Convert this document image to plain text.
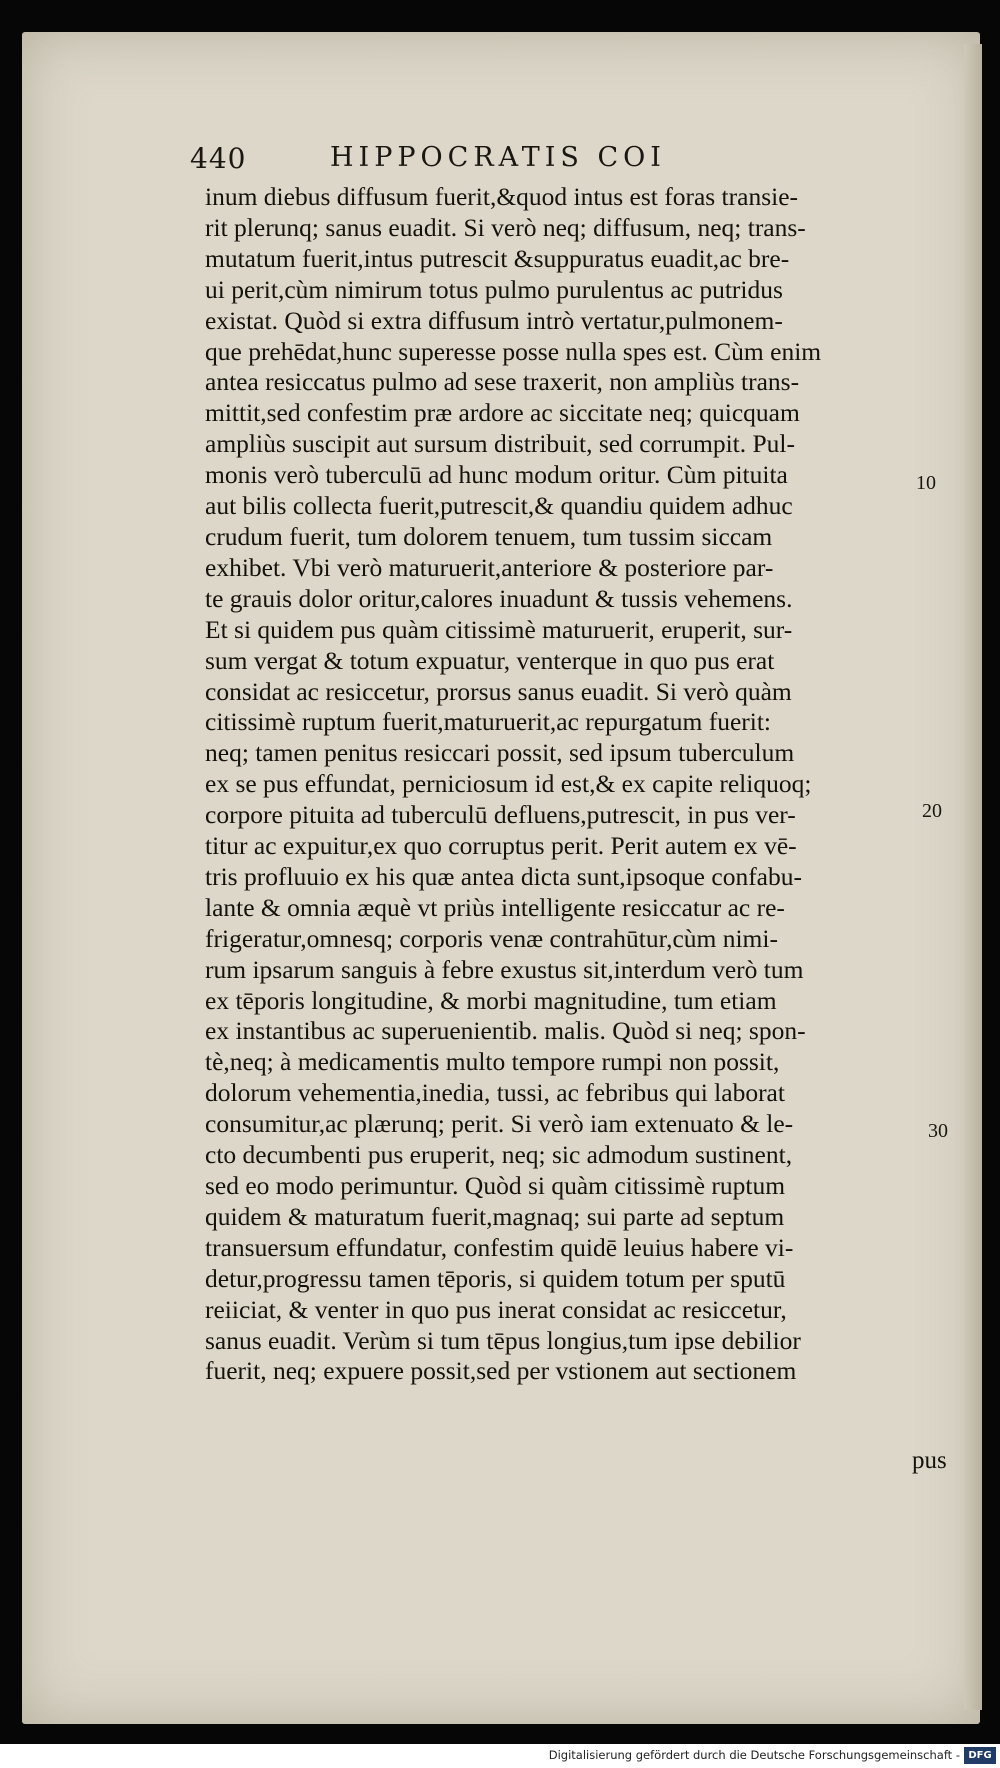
440	HIPPOCRATIS COI
inum diebus diffusum fuerit,&quod intus est foras transie-
rit plerunq; sanus euadit. Si verò neq; diffusum, neq; trans-
mutatum fuerit,intus putrescit &suppuratus euadit,ac bre-
ui perit,cùm nimirum totus pulmo purulentus ac putridus
existat. Quòd si extra diffusum intrò vertatur,pulmonem-
que prehēdat,hunc superesse posse nulla spes est. Cùm enim
antea resiccatus pulmo ad sese traxerit, non ampliùs trans-
mittit,sed confestim præ ardore ac siccitate neq; quicquam
ampliùs suscipit aut sursum distribuit, sed corrumpit. Pul-
monis verò tuberculū ad hunc modum oritur. Cùm pituita
aut bilis collecta fuerit,putrescit,& quandiu quidem adhuc
crudum fuerit, tum dolorem tenuem, tum tussim siccam
exhibet. Vbi verò maturuerit,anteriore & posteriore par-
te grauis dolor oritur,calores inuadunt & tussis vehemens.
Et si quidem pus quàm citissimè maturuerit, eruperit, sur-
sum vergat & totum expuatur, venterque in quo pus erat
considat ac resiccetur, prorsus sanus euadit. Si verò quàm
citissimè ruptum fuerit,maturuerit,ac repurgatum fuerit:
neq; tamen penitus resiccari possit, sed ipsum tuberculum
ex se pus effundat, perniciosum id est,& ex capite reliquoq;
corpore pituita ad tuberculū defluens,putrescit, in pus ver-
titur ac expuitur,ex quo corruptus perit. Perit autem ex vē-
tris profluuio ex his quæ antea dicta sunt,ipsoque confabu-
lante & omnia æquè vt priùs intelligente resiccatur ac re-
frigeratur,omnesq; corporis venæ contrahūtur,cùm nimi-
rum ipsarum sanguis à febre exustus sit,interdum verò tum
ex tēporis longitudine, & morbi magnitudine, tum etiam
ex instantibus ac superuenientib. malis. Quòd si neq; spon-
tè,neq; à medicamentis multo tempore rumpi non possit,
dolorum vehementia,inedia, tussi, ac febribus qui laborat
consumitur,ac plærunq; perit. Si verò iam extenuato & le-
cto decumbenti pus eruperit, neq; sic admodum sustinent,
sed eo modo perimuntur. Quòd si quàm citissimè ruptum
quidem & maturatum fuerit,magnaq; sui parte ad septum
transuersum effundatur, confestim quidē leuius habere vi-
detur,progressu tamen tēporis, si quidem totum per sputū
reiiciat, & venter in quo pus inerat considat ac resiccetur,
sanus euadit. Verùm si tum tēpus longius,tum ipse debilior
fuerit, neq; expuere possit,sed per vstionem aut sectionem
pus
10
20
30
Digitalisierung gefördert durch die Deutsche Forschungsgemeinschaft - DFG
